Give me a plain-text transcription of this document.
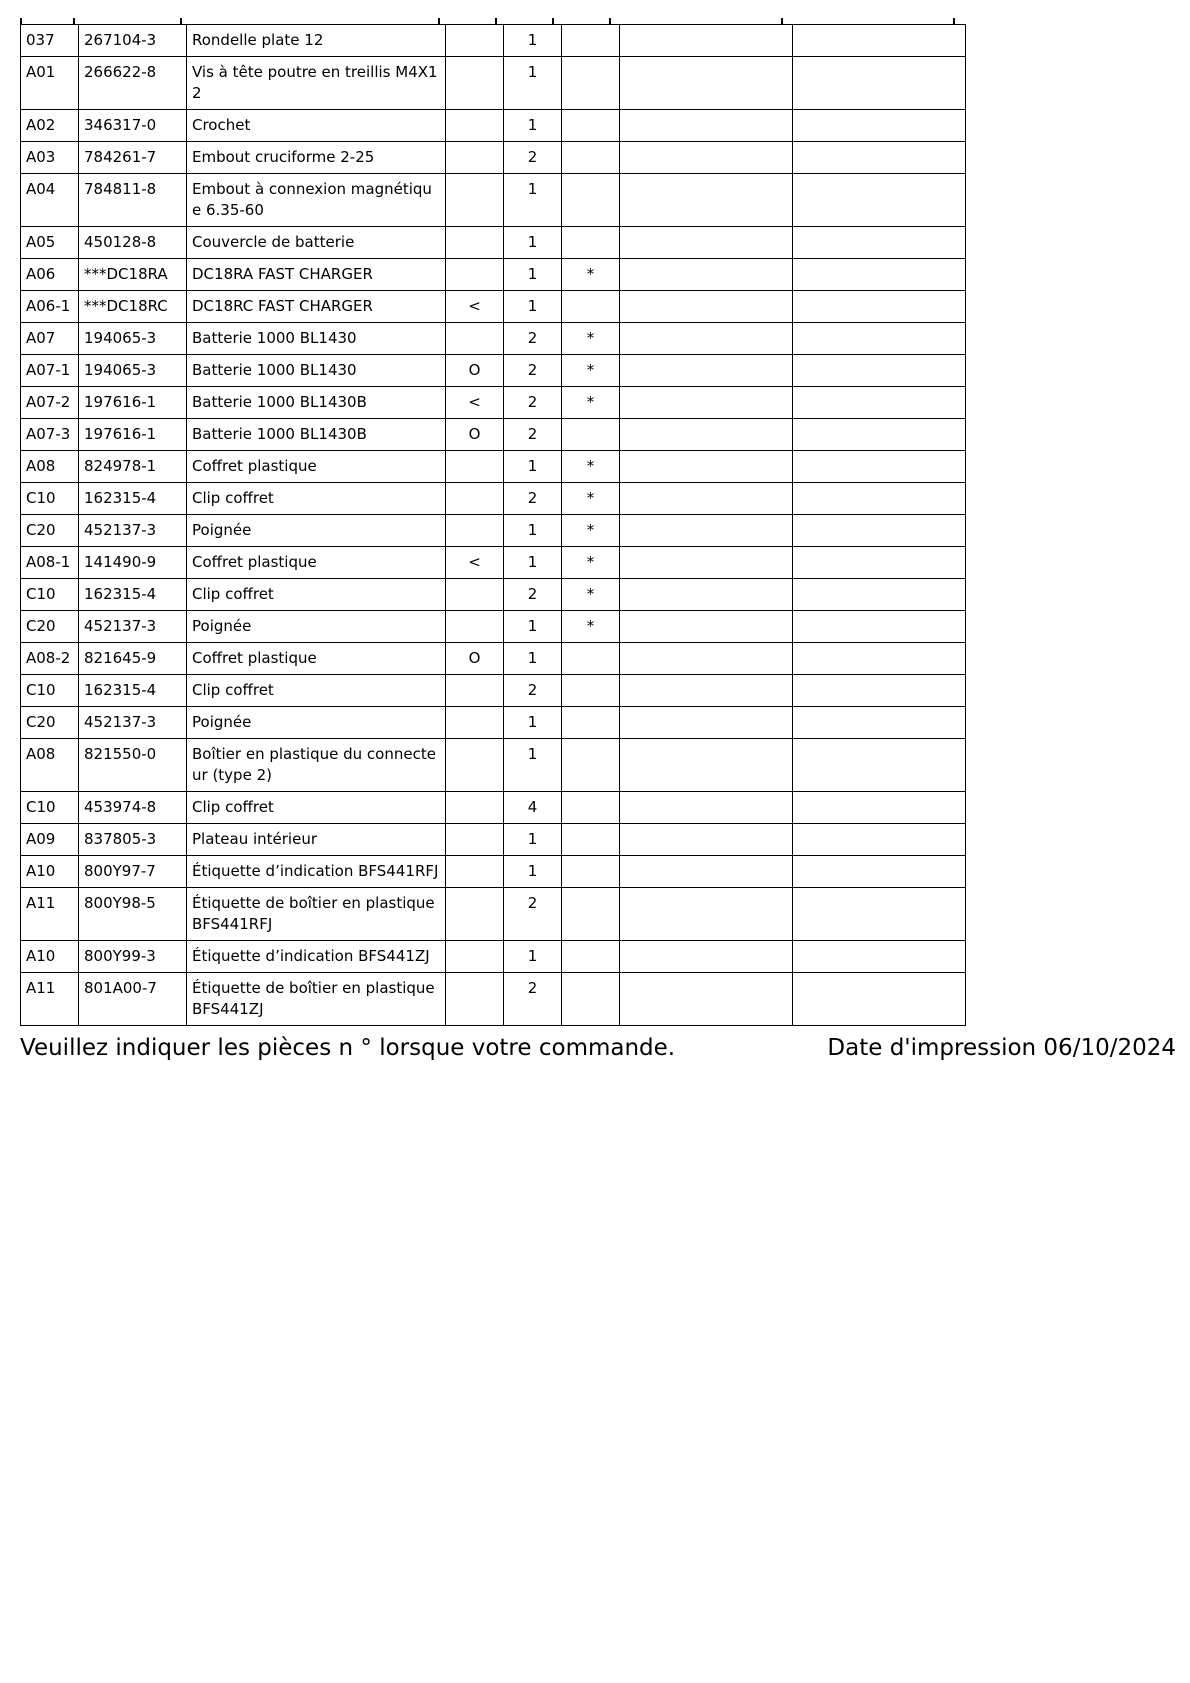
037	267104-3	Rondelle plate 12		1			
A01	266622-8	Vis à tête poutre en treillis M4X12		1			
A02	346317-0	Crochet		1			
A03	784261-7	Embout cruciforme 2-25		2			
A04	784811-8	Embout à connexion magnétique 6.35-60		1			
A05	450128-8	Couvercle de batterie		1			
A06	***DC18RA	DC18RA FAST CHARGER		1	*		
A06-1	***DC18RC	DC18RC FAST CHARGER	<	1			
A07	194065-3	Batterie 1000 BL1430		2	*		
A07-1	194065-3	Batterie 1000 BL1430	O	2	*		
A07-2	197616-1	Batterie 1000 BL1430B	<	2	*		
A07-3	197616-1	Batterie 1000 BL1430B	O	2			
A08	824978-1	Coffret plastique		1	*		
C10	162315-4	Clip coffret		2	*		
C20	452137-3	Poignée		1	*		
A08-1	141490-9	Coffret plastique	<	1	*		
C10	162315-4	Clip coffret		2	*		
C20	452137-3	Poignée		1	*		
A08-2	821645-9	Coffret plastique	O	1			
C10	162315-4	Clip coffret		2			
C20	452137-3	Poignée		1			
A08	821550-0	Boîtier en plastique du connecteur (type 2)		1			
C10	453974-8	Clip coffret		4			
A09	837805-3	Plateau intérieur		1			
A10	800Y97-7	Étiquette d’indication BFS441RFJ		1			
A11	800Y98-5	Étiquette de boîtier en plastique BFS441RFJ		2			
A10	800Y99-3	Étiquette d’indication BFS441ZJ		1			
A11	801A00-7	Étiquette de boîtier en plastique BFS441ZJ		2			
Veuillez indiquer les pièces n ° lorsque votre commande.	Date d'impression 06/10/2024
